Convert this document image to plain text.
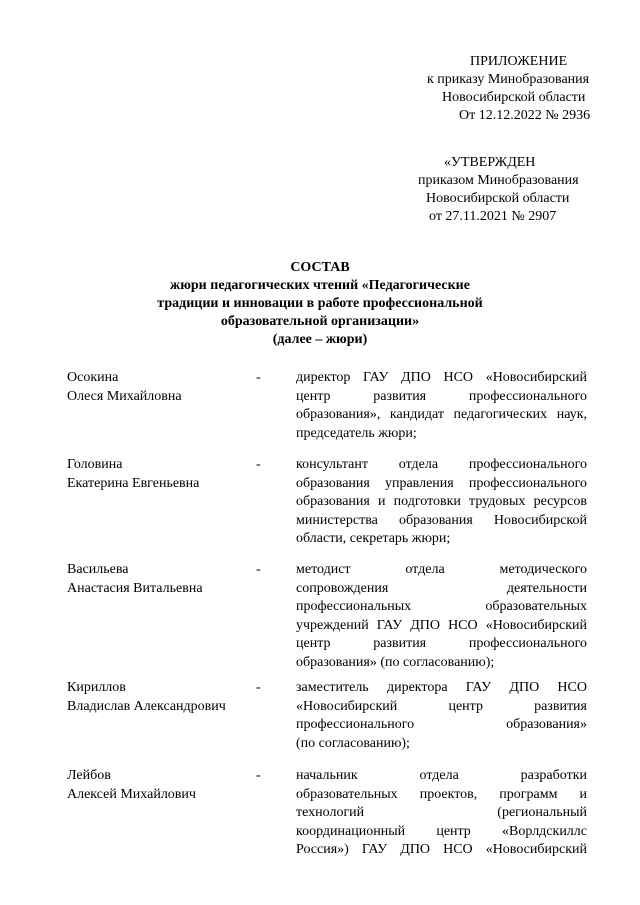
ПРИЛОЖЕНИЕ
к приказу Минобразования
Новосибирской области
От 12.12.2022 № 2936
«УТВЕРЖДЕН
приказом Минобразования
Новосибирской области
от 27.11.2021 № 2907
СОСТАВ
жюри педагогических чтений «Педагогические
традиции и инновации в работе профессиональной
образовательной организации»
(далее – жюри)
Осокина
Олеся Михайловна
-	директор ГАУ ДПО НСО «Новосибирский
центр развития профессионального
образования», кандидат педагогических наук,
председатель жюри;
Головина
Екатерина Евгеньевна
-	консультант отдела профессионального
образования управления профессионального
образования и подготовки трудовых ресурсов
министерства образования Новосибирской
области, секретарь жюри;
Васильева
Анастасия Витальевна
-	методист отдела методического
сопровождения деятельности
профессиональных образовательных
учреждений ГАУ ДПО НСО «Новосибирский
центр развития профессионального
образования» (по согласованию);
Кириллов
Владислав Александрович
-	заместитель директора ГАУ ДПО НСО
«Новосибирский центр развития
профессионального образования»
(по согласованию);
Лейбов
Алексей Михайлович
-	начальник отдела разработки
образовательных проектов, программ и
технологий (региональный
координационный центр «Ворлдскиллс
Россия») ГАУ ДПО НСО «Новосибирский
